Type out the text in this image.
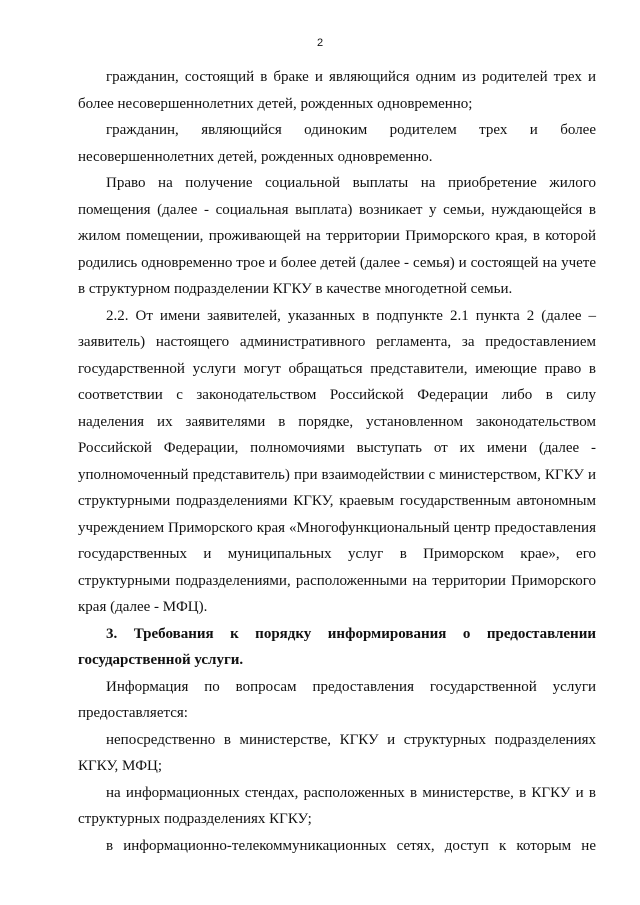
2

гражданин, состоящий в браке и являющийся одним из родителей трех и более несовершеннолетних детей, рожденных одновременно;

гражданин, являющийся одиноким родителем трех и более

несовершеннолетних детей, рожденных одновременно.

Право на получение социальной выплаты на приобретение жилого помещения (далее - социальная выплата) возникает у семьи, нуждающейся в жилом помещении, проживающей на территории Приморского края, в которой родились одновременно трое и более детей (далее - семья) и состоящей на учете в структурном подразделении КГКУ в качестве многодетной семьи.

2.2. От имени заявителей, указанных в подпункте 2.1 пункта 2 (далее – заявитель) настоящего административного регламента, за предоставлением государственной услуги могут обращаться представители, имеющие право в соответствии с законодательством Российской Федерации либо в силу наделения их заявителями в порядке, установленном законодательством Российской Федерации, полномочиями выступать от их имени (далее - уполномоченный представитель) при взаимодействии с министерством, КГКУ и структурными подразделениями КГКУ, краевым государственным автономным учреждением Приморского края «Многофункциональный центр предоставления государственных и муниципальных услуг в Приморском крае», его структурными подразделениями, расположенными на территории Приморского края (далее - МФЦ).

3. Требования к порядку информирования о предоставлении государственной услуги.

Информация по вопросам предоставления государственной услуги предоставляется:

непосредственно в министерстве, КГКУ и структурных подразделениях КГКУ, МФЦ;

на информационных стендах, расположенных в министерстве, в КГКУ и в структурных подразделениях КГКУ;

в информационно-телекоммуникационных сетях, доступ к которым не
